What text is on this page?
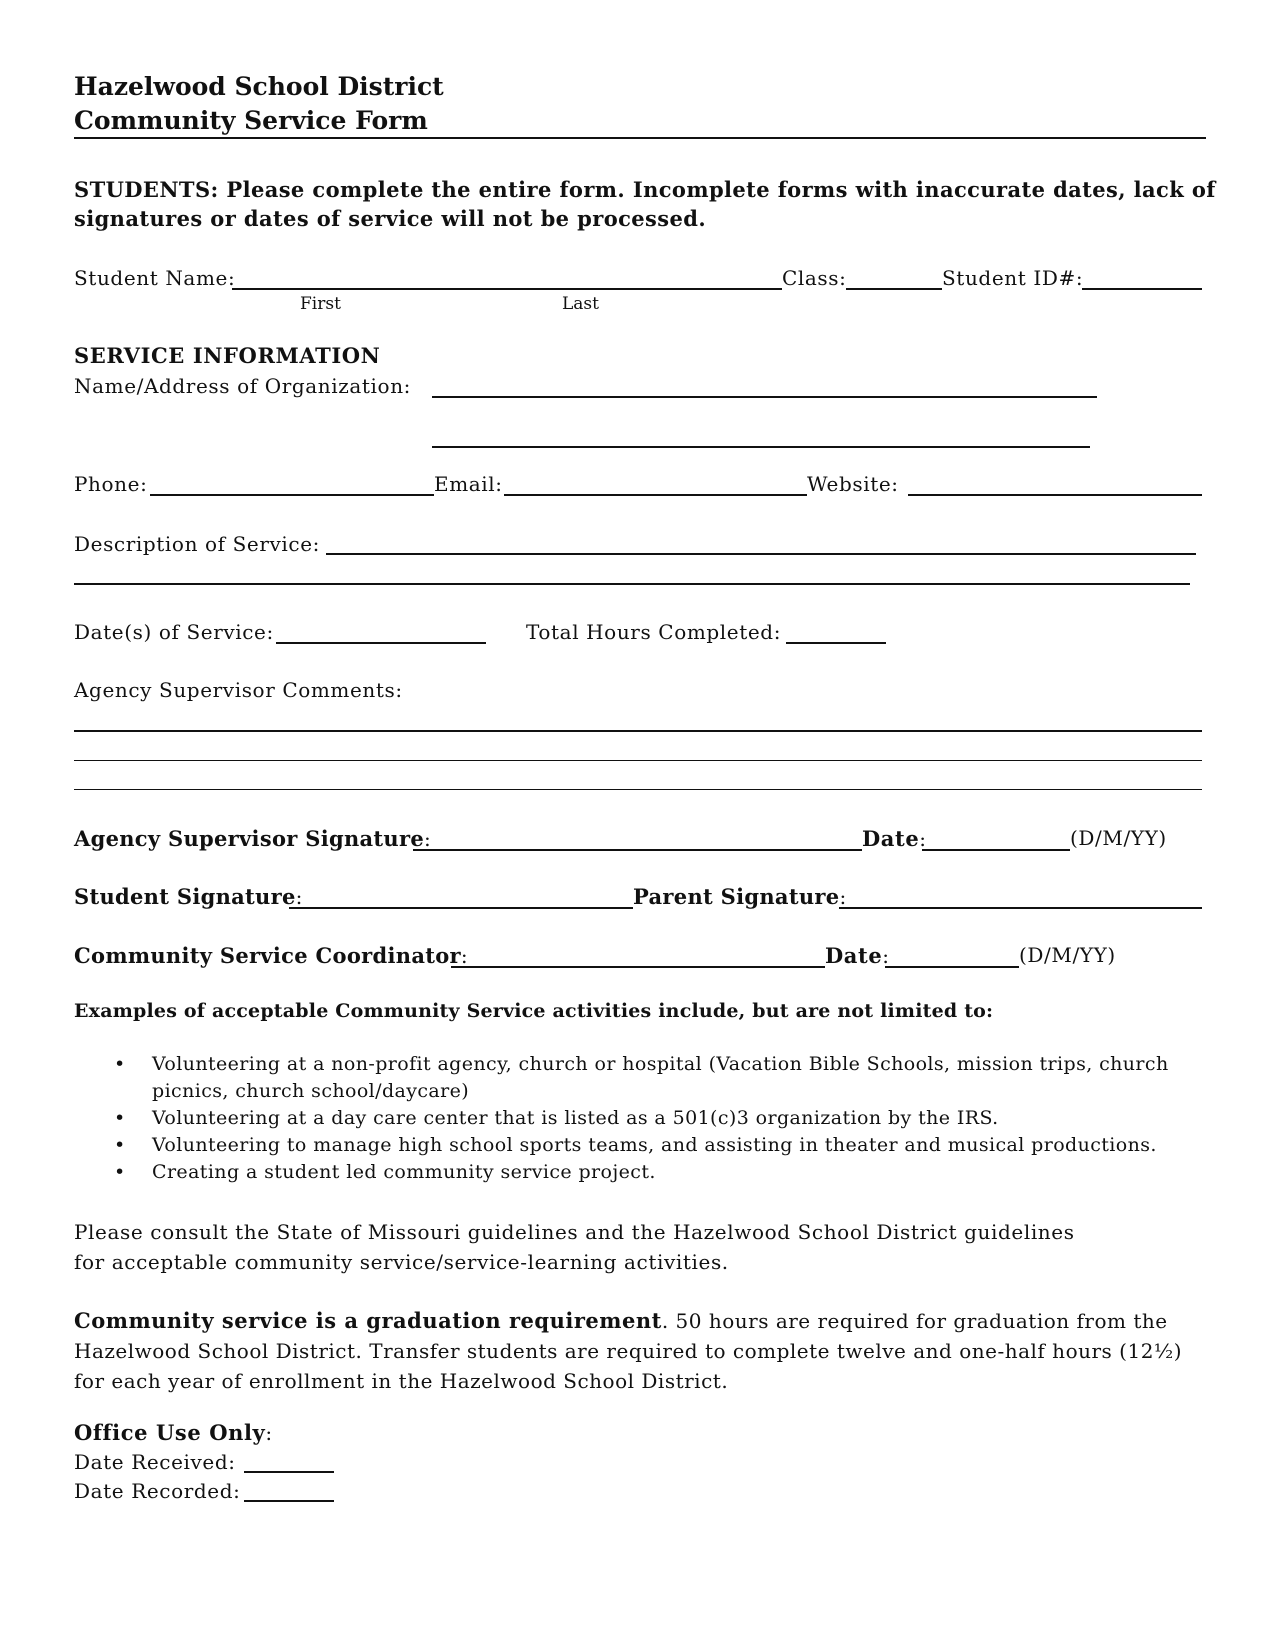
Hazelwood School District
Community Service Form
STUDENTS: Please complete the entire form. Incomplete forms with inaccurate dates, lack of
signatures or dates of service will not be processed.
Student Name:	Class:	Student ID#:
First	Last
SERVICE INFORMATION
Name/Address of Organization:
Phone:	Email:	Website:
Description of Service:
Date(s) of Service:	Total Hours Completed:
Agency Supervisor Comments:
Agency Supervisor Signature:	Date:	(D/M/YY)
Student Signature:	Parent Signature:
Community Service Coordinator:	Date:	(D/M/YY)
Examples of acceptable Community Service activities include, but are not limited to:
• Volunteering at a non-profit agency, church or hospital (Vacation Bible Schools, mission trips, church picnics, church school/daycare)
• Volunteering at a day care center that is listed as a 501(c)3 organization by the IRS.
• Volunteering to manage high school sports teams, and assisting in theater and musical productions.
• Creating a student led community service project.
Please consult the State of Missouri guidelines and the Hazelwood School District guidelines
for acceptable community service/service-learning activities.
Community service is a graduation requirement. 50 hours are required for graduation from the Hazelwood School District. Transfer students are required to complete twelve and one-half hours (12½) for each year of enrollment in the Hazelwood School District.
Office Use Only:
Date Received:
Date Recorded:
